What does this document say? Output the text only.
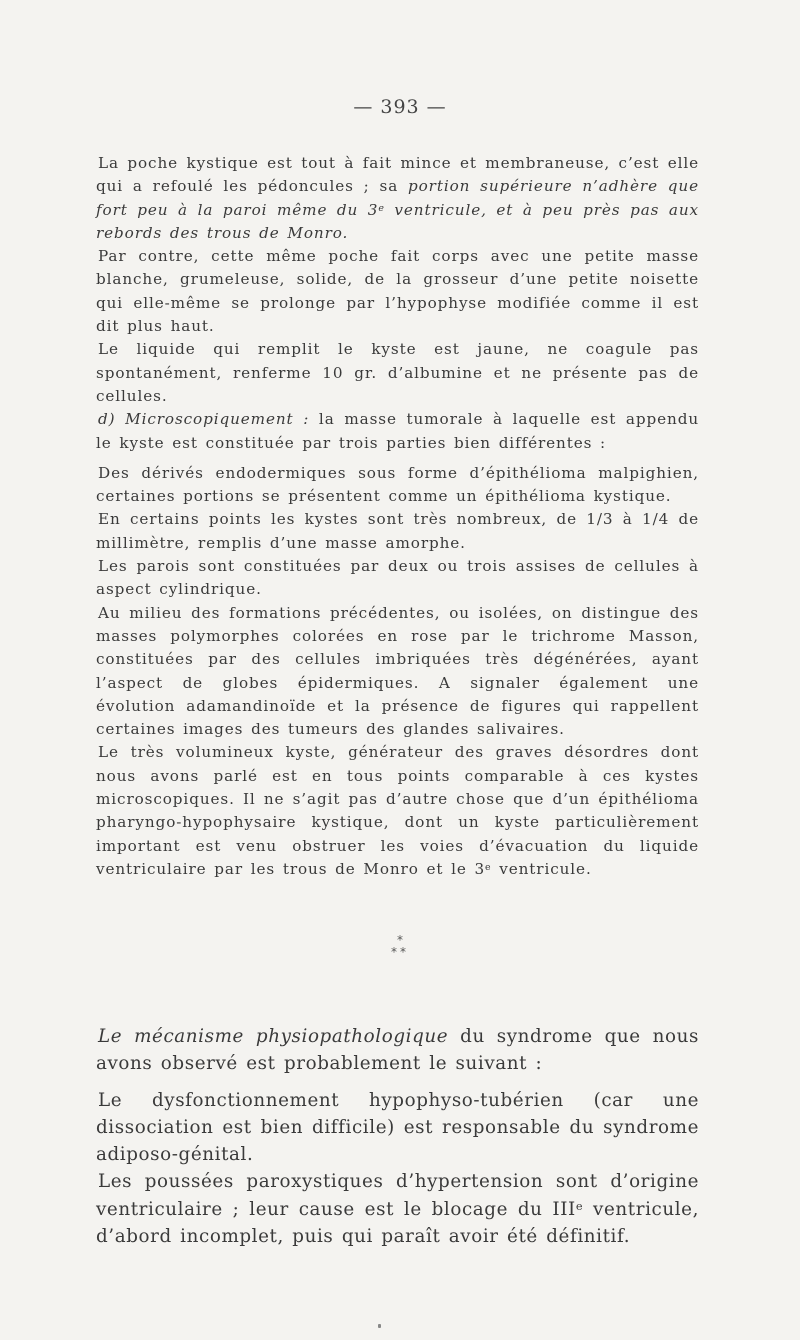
— 393 —

La poche kystique est tout à fait mince et membraneuse, c’est elle qui a refoulé les pédoncules ; sa portion supérieure n’adhère que fort peu à la paroi même du 3e ventricule, et à peu près pas aux rebords des trous de Monro.

Par contre, cette même poche fait corps avec une petite masse blanche, grumeleuse, solide, de la grosseur d’une petite noisette qui elle-même se prolonge par l’hypophyse modifiée comme il est dit plus haut.

Le liquide qui remplit le kyste est jaune, ne coagule pas spontanément, renferme 10 gr. d’albumine et ne présente pas de cellules.

d) Microscopiquement : la masse tumorale à laquelle est appendu le kyste est constituée par trois parties bien différentes :

Des dérivés endodermiques sous forme d’épithélioma malpighien, certaines portions se présentent comme un épithélioma kystique.

En certains points les kystes sont très nombreux, de 1/3 à 1/4 de millimètre, remplis d’une masse amorphe.

Les parois sont constituées par deux ou trois assises de cellules à aspect cylindrique.

Au milieu des formations précédentes, ou isolées, on distingue des masses polymorphes colorées en rose par le trichrome Masson, constituées par des cellules imbriquées très dégénérées, ayant l’aspect de globes épidermiques. A signaler également une évolution adamandinoïde et la présence de figures qui rappellent certaines images des tumeurs des glandes salivaires.

Le très volumineux kyste, générateur des graves désordres dont nous avons parlé est en tous points comparable à ces kystes microscopiques. Il ne s’agit pas d’autre chose que d’un épithélioma pharyngo-hypophysaire kystique, dont un kyste particulièrement important est venu obstruer les voies d’évacuation du liquide ventriculaire par les trous de Monro et le 3e ventricule.

*
**

Le mécanisme physiopathologique du syndrome que nous avons observé est probablement le suivant :

Le dysfonctionnement hypophyso-tubérien (car une dissociation est bien difficile) est responsable du syndrome adiposo-génital.

Les poussées paroxystiques d’hypertension sont d’origine ventriculaire ; leur cause est le blocage du IIIe ventricule, d’abord incomplet, puis qui paraît avoir été définitif.
